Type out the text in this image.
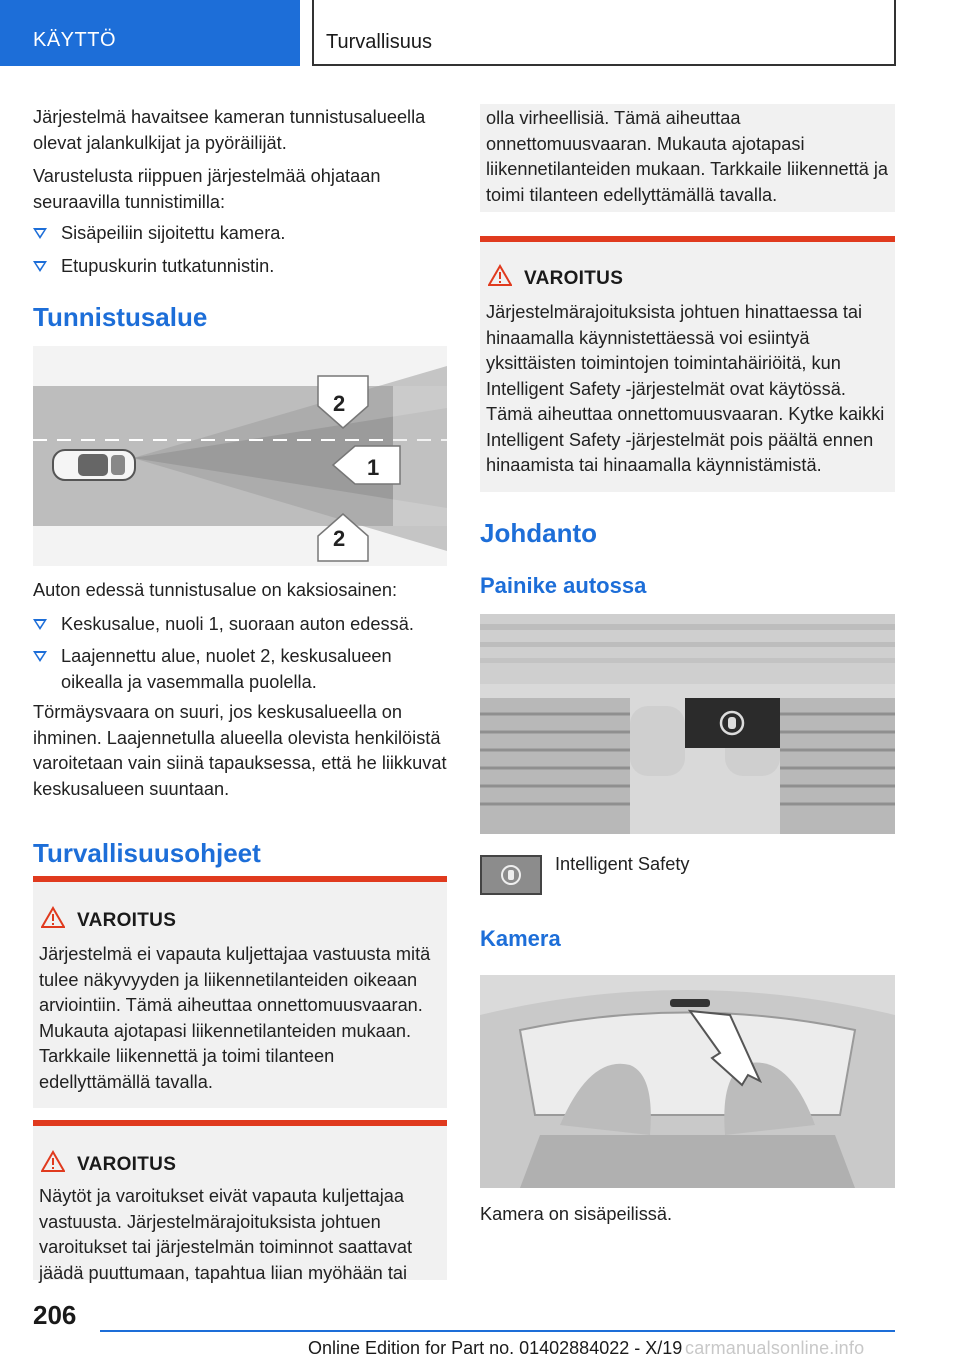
KÄYTTÖ	Turvallisuus
Järjestelmä havaitsee kameran tunnistusalueella olevat jalankulkijat ja pyöräilijät.
Varustelusta riippuen järjestelmää ohjataan seuraavilla tunnistimilla:
Sisäpeiliin sijoitettu kamera.
Etupuskurin tutkatunnistin.
Tunnistusalue
2
1
2
Auton edessä tunnistusalue on kaksiosainen:
Keskusalue, nuoli 1, suoraan auton edessä.
Laajennettu alue, nuolet 2, keskusalueen oikealla ja vasemmalla puolella.
Törmäysvaara on suuri, jos keskusalueella on ihminen. Laajennetulla alueella olevista henkilöistä varoitetaan vain siinä tapauksessa, että he liikkuvat keskusalueen suuntaan.
Turvallisuusohjeet
VAROITUS
Järjestelmä ei vapauta kuljettajaa vastuusta mitä tulee näkyvyyden ja liikennetilanteiden oikeaan arviointiin. Tämä aiheuttaa onnettomuusvaaran. Mukauta ajotapasi liikennetilanteiden mukaan. Tarkkaile liikennettä ja toimi tilanteen edellyttämällä tavalla.
VAROITUS
Näytöt ja varoitukset eivät vapauta kuljettajaa vastuusta. Järjestelmärajoituksista johtuen varoitukset tai järjestelmän toiminnot saattavat jäädä puuttumaan, tapahtua liian myöhään tai
olla virheellisiä. Tämä aiheuttaa onnettomuusvaaran. Mukauta ajotapasi liikennetilanteiden mukaan. Tarkkaile liikennettä ja toimi tilanteen edellyttämällä tavalla.
VAROITUS
Järjestelmärajoituksista johtuen hinattaessa tai hinaamalla käynnistettäessä voi esiintyä yksittäisten toimintojen toimintahäiriöitä, kun Intelligent Safety -järjestelmät ovat käytössä. Tämä aiheuttaa onnettomuusvaaran. Kytke kaikki Intelligent Safety -järjestelmät pois päältä ennen hinaamista tai hinaamalla käynnistämistä.
Johdanto
Painike autossa
Intelligent Safety
Kamera
Kamera on sisäpeilissä.
206
Online Edition for Part no. 01402884022 - X/19 carmanualsonline.info
